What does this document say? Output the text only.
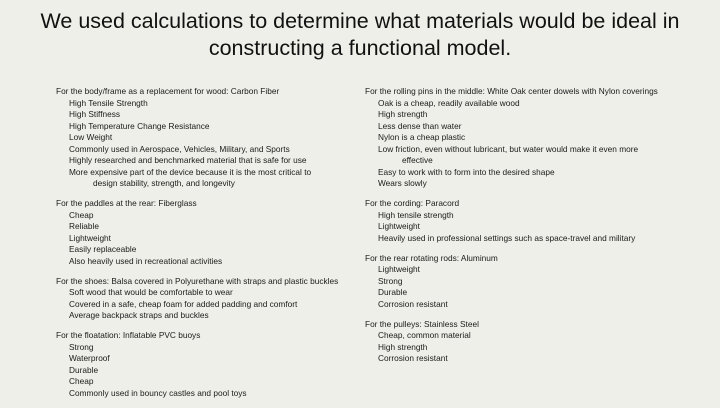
We used calculations to determine what materials would be ideal in constructing a functional model.
For the body/frame as a replacement for wood: Carbon Fiber
High Tensile Strength
High Stiffness
High Temperature Change Resistance
Low Weight
Commonly used in Aerospace, Vehicles, Military, and Sports
Highly researched and benchmarked material that is safe for use
More expensive part of the device because it is the most critical to
design stability, strength, and longevity
For the paddles at the rear: Fiberglass
Cheap
Reliable
Lightweight
Easily replaceable
Also heavily used in recreational activities
For the shoes: Balsa covered in Polyurethane with straps and plastic buckles
Soft wood that would be comfortable to wear
Covered in a safe, cheap foam for added padding and comfort
Average backpack straps and buckles
For the floatation: Inflatable PVC buoys
Strong
Waterproof
Durable
Cheap
Commonly used in bouncy castles and pool toys
For the rolling pins in the middle: White Oak center dowels with Nylon coverings
Oak is a cheap, readily available wood
High strength
Less dense than water
Nylon is a cheap plastic
Low friction, even without lubricant, but water would make it even more
effective
Easy to work with to form into the desired shape
Wears slowly
For the cording: Paracord
High tensile strength
Lightweight
Heavily used in professional settings such as space-travel and military
For the rear rotating rods: Aluminum
Lightweight
Strong
Durable
Corrosion resistant
For the pulleys: Stainless Steel
Cheap, common material
High strength
Corrosion resistant
